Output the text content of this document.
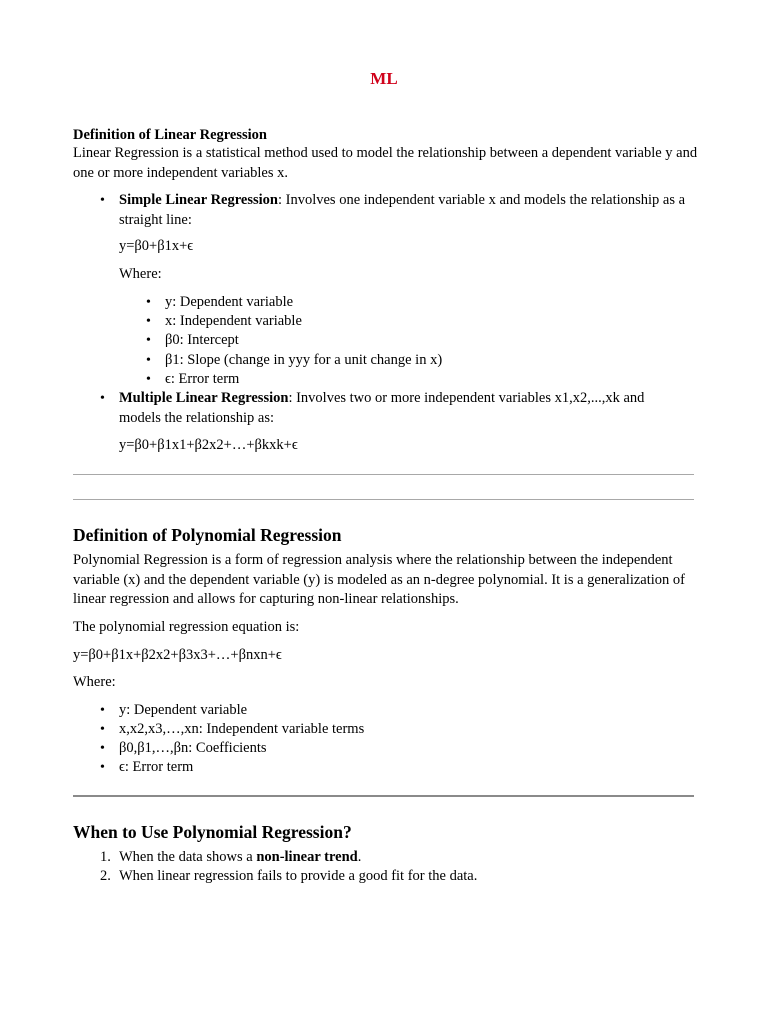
ML
Definition of Linear Regression
Linear Regression is a statistical method used to model the relationship between a dependent variable y and one or more independent variables x.
• Simple Linear Regression: Involves one independent variable x and models the relationship as a straight line:
y=β0+β1x+ϵ
Where:
• y: Dependent variable
• x: Independent variable
• β0: Intercept
• β1: Slope (change in yyy for a unit change in x)
• ϵ: Error term
• Multiple Linear Regression: Involves two or more independent variables x1,x2,...,xk and models the relationship as:
y=β0+β1x1+β2x2+…+βkxk+ϵ
Definition of Polynomial Regression
Polynomial Regression is a form of regression analysis where the relationship between the independent variable (x) and the dependent variable (y) is modeled as an n-degree polynomial. It is a generalization of linear regression and allows for capturing non-linear relationships.
The polynomial regression equation is:
y=β0+β1x+β2x2+β3x3+…+βnxn+ϵ
Where:
• y: Dependent variable
• x,x2,x3,…,xn: Independent variable terms
• β0,β1,…,βn: Coefficients
• ϵ: Error term
When to Use Polynomial Regression?
1. When the data shows a non-linear trend.
2. When linear regression fails to provide a good fit for the data.
